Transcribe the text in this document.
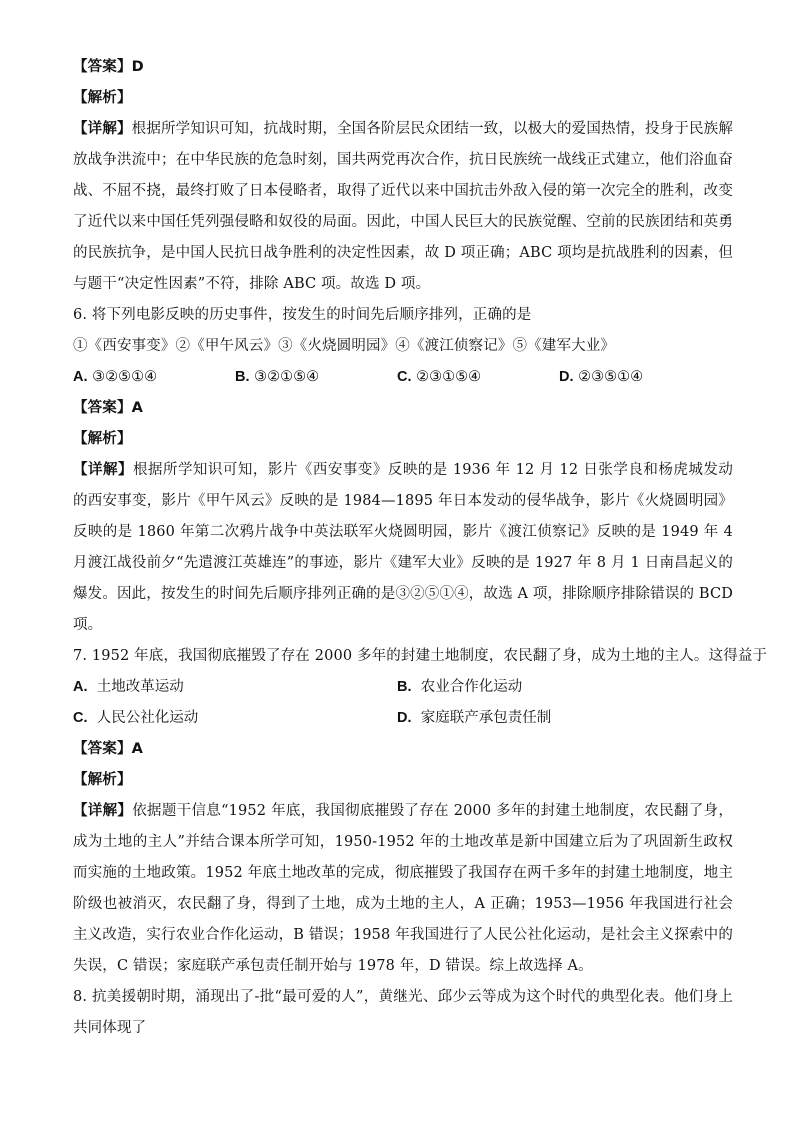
【答案】D
【解析】
【详解】根据所学知识可知，抗战时期，全国各阶层民众团结一致，以极大的爱国热情，投身于民族解放战争洪流中；在中华民族的危急时刻，国共两党再次合作，抗日民族统一战线正式建立，他们浴血奋战、不屈不挠，最终打败了日本侵略者，取得了近代以来中国抗击外敌入侵的第一次完全的胜利，改变了近代以来中国任凭列强侵略和奴役的局面。因此，中国人民巨大的民族觉醒、空前的民族团结和英勇的民族抗争，是中国人民抗日战争胜利的决定性因素，故 D 项正确；ABC 项均是抗战胜利的因素，但与题干“决定性因素”不符，排除 ABC 项。故选 D 项。
6. 将下列电影反映的历史事件，按发生的时间先后顺序排列，正确的是
①《西安事变》②《甲午风云》③《火烧圆明园》④《渡江侦察记》⑤《建军大业》
A. ③②⑤①④	B. ③②①⑤④	C. ②③①⑤④	D. ②③⑤①④
【答案】A
【解析】
【详解】根据所学知识可知，影片《西安事变》反映的是 1936 年 12 月 12 日张学良和杨虎城发动的西安事变，影片《甲午风云》反映的是 1984—1895 年日本发动的侵华战争，影片《火烧圆明园》反映的是 1860 年第二次鸦片战争中英法联军火烧圆明园，影片《渡江侦察记》反映的是 1949 年 4 月渡江战役前夕“先遣渡江英雄连”的事迹，影片《建军大业》反映的是 1927 年 8 月 1 日南昌起义的爆发。因此，按发生的时间先后顺序排列正确的是③②⑤①④，故选 A 项，排除顺序排除错误的 BCD 项。
7. 1952 年底，我国彻底摧毁了存在 2000 多年的封建土地制度，农民翻了身，成为土地的主人。这得益于
A. 土地改革运动	B. 农业合作化运动
C. 人民公社化运动	D. 家庭联产承包责任制
【答案】A
【解析】
【详解】依据题干信息“1952 年底，我国彻底摧毁了存在 2000 多年的封建土地制度，农民翻了身，成为土地的主人”并结合课本所学可知，1950-1952 年的土地改革是新中国建立后为了巩固新生政权而实施的土地政策。1952 年底土地改革的完成，彻底摧毁了我国存在两千多年的封建土地制度，地主阶级也被消灭，农民翻了身，得到了土地，成为土地的主人，A 正确；1953—1956 年我国进行社会主义改造，实行农业合作化运动，B 错误；1958 年我国进行了人民公社化运动，是社会主义探索中的失误，C 错误；家庭联产承包责任制开始与 1978 年，D 错误。综上故选择 A。
8. 抗美援朝时期，涌现出了-批“最可爱的人”，黄继光、邱少云等成为这个时代的典型化表。他们身上共同体现了
